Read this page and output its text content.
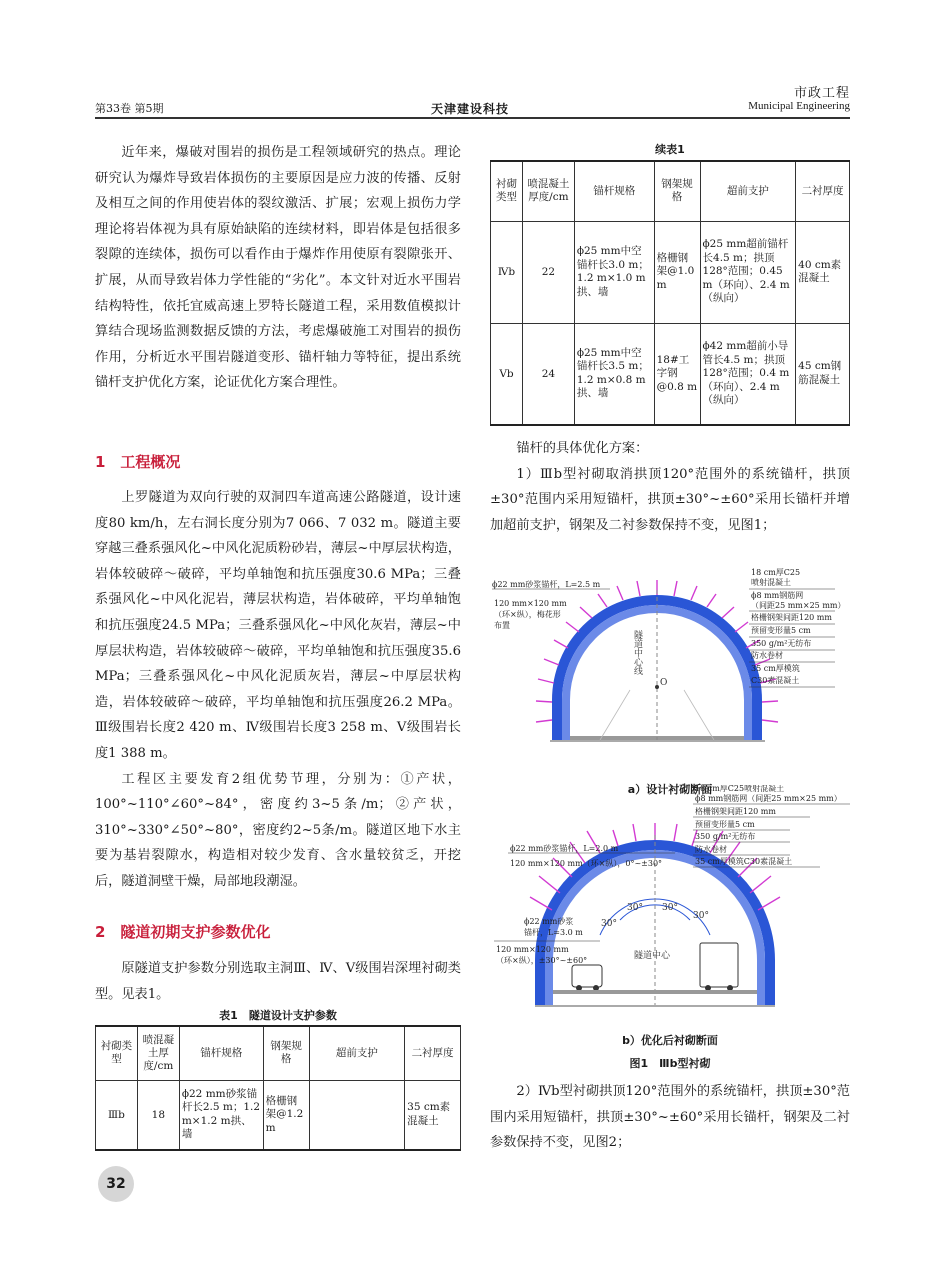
市政工程
Municipal Engineering
第33卷 第5期	天津建设科技

近年来，爆破对围岩的损伤是工程领域研究的热点。理论研究认为爆炸导致岩体损伤的主要原因是应力波的传播、反射及相互之间的作用使岩体的裂纹激活、扩展；宏观上损伤力学理论将岩体视为具有原始缺陷的连续材料，即岩体是包括很多裂隙的连续体，损伤可以看作由于爆炸作用使原有裂隙张开、扩展，从而导致岩体力学性能的“劣化”。本文针对近水平围岩结构特性，依托宜威高速上罗特长隧道工程，采用数值模拟计算结合现场监测数据反馈的方法，考虑爆破施工对围岩的损伤作用，分析近水平围岩隧道变形、锚杆轴力等特征，提出系统锚杆支护优化方案，论证优化方案合理性。

1　工程概况

上罗隧道为双向行驶的双洞四车道高速公路隧道，设计速度80 km/h，左右洞长度分别为7 066、7 032 m。隧道主要穿越三叠系强风化~中风化泥质粉砂岩，薄层~中厚层状构造，岩体较破碎～破碎，平均单轴饱和抗压强度30.6 MPa；三叠系强风化~中风化泥岩，薄层状构造，岩体破碎，平均单轴饱和抗压强度24.5 MPa；三叠系强风化~中风化灰岩，薄层~中厚层状构造，岩体较破碎～破碎，平均单轴饱和抗压强度35.6 MPa；三叠系强风化~中风化泥质灰岩，薄层~中厚层状构造，岩体较破碎～破碎，平均单轴饱和抗压强度26.2 MPa。Ⅲ级围岩长度2 420 m、Ⅳ级围岩长度3 258 m、Ⅴ级围岩长度1 388 m。

工程区主要发育2组优势节理，分别为：①产状，100°~110°∠60°~84°，密度约3~5条/m；②产状，310°~330°∠50°~80°，密度约2~5条/m。隧道区地下水主要为基岩裂隙水，构造相对较少发育、含水量较贫乏，开挖后，隧道洞壁干燥，局部地段潮湿。

2　隧道初期支护参数优化

原隧道支护参数分别选取主洞Ⅲ、Ⅳ、Ⅴ级围岩深埋衬砌类型。见表1。

表1　隧道设计支护参数
衬砌类型	喷混凝土厚度/cm	锚杆规格	钢架规格	超前支护	二衬厚度
Ⅲb	18	ϕ22 mm砂浆锚杆长2.5 m；1.2 m×1.2 m拱、墙	格栅钢架@1.2 m		35 cm素混凝土
32
续表1
衬砌类型	喷混凝土厚度/cm	锚杆规格	钢架规格	超前支护	二衬厚度
Ⅳb	22	ϕ25 mm中空锚杆长3.0 m；1.2 m×1.0 m拱、墙	格栅钢架@1.0 m	ϕ25 mm超前锚杆长4.5 m；拱顶128°范围；0.45 m（环向）、2.4 m（纵向）	40 cm素混凝土
Ⅴb	24	ϕ25 mm中空锚杆长3.5 m；1.2 m×0.8 m拱、墙	18#工字钢@0.8 m	ϕ42 mm超前小导管长4.5 m；拱顶128°范围；0.4 m（环向）、2.4 m（纵向）	45 cm钢筋混凝土

锚杆的具体优化方案：

1）Ⅲb型衬砌取消拱顶120°范围外的系统锚杆，拱顶±30°范围内采用短锚杆，拱顶±30°~±60°采用长锚杆并增加超前支护，钢架及二衬参数保持不变，见图1；

隧道中心线
O
ϕ22 mm砂浆锚杆，L=2.5 m
120 mm×120 mm
（环×纵），梅花形
布置
18 cm厚C25
喷射混凝土
ϕ8 mm钢筋网
（间距25 mm×25 mm）
格栅钢架间距120 mm
预留变形量5 cm
350 g/m²无纺布
防水卷材
35 cm厚模筑
C30素混凝土
a）设计衬砌断面
30° 30°
30°
30°
隧道中心
18 cm厚C25喷射混凝土
ϕ8 mm钢筋网（间距25 mm×25 mm）
格栅钢架间距120 mm
预留变形量5 cm
350 g/m²无纺布
防水卷材
35 cm厚模筑C30素混凝土
ϕ22 mm砂浆锚杆，L=2.0 m
120 mm×120 mm（环×纵），0°~±30°
ϕ22 mm砂浆
锚杆，L=3.0 m
120 mm×120 mm
（环×纵），±30°~±60°
b）优化后衬砌断面
图1　Ⅲb型衬砌

2）Ⅳb型衬砌拱顶120°范围外的系统锚杆，拱顶±30°范围内采用短锚杆，拱顶±30°~±60°采用长锚杆，钢架及二衬参数保持不变，见图2；
